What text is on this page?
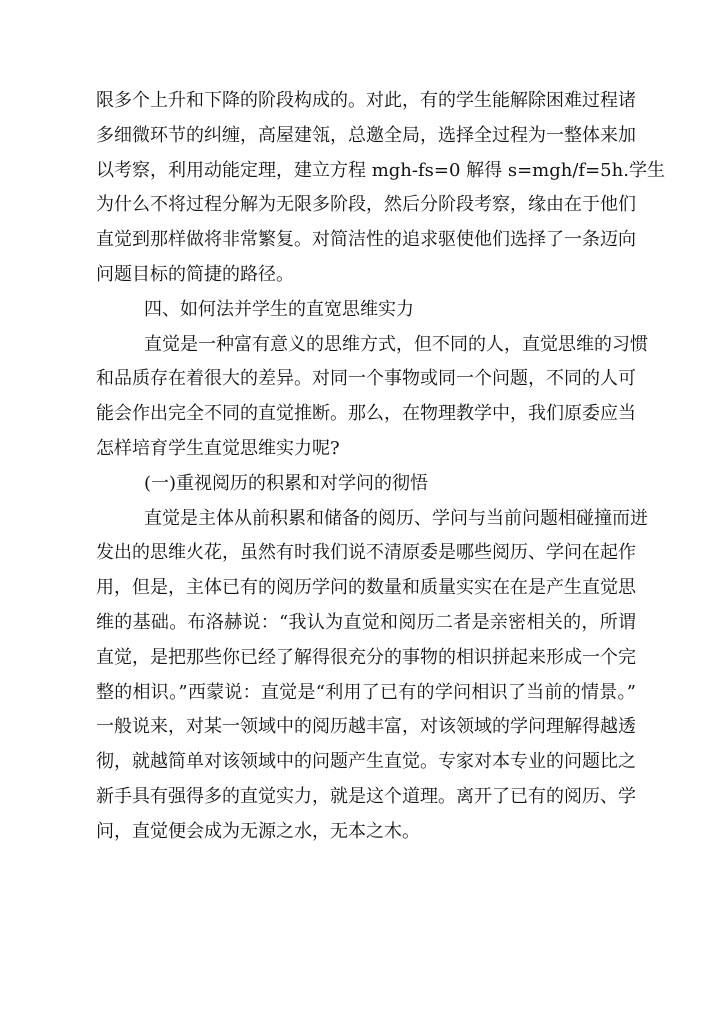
限多个上升和下降的阶段构成的。对此，有的学生能解除困难过程诸
多细微环节的纠缠，高屋建瓴，总邀全局，选择全过程为一整体来加
以考察，利用动能定理，建立方程 mgh-fs=0 解得 s=mgh/f=5h.学生
为什么不将过程分解为无限多阶段，然后分阶段考察，缘由在于他们
直觉到那样做将非常繁复。对简洁性的追求驱使他们选择了一条迈向
问题目标的简捷的路径。
四、如何法并学生的直宽思维实力
直觉是一种富有意义的思维方式，但不同的人，直觉思维的习惯
和品质存在着很大的差异。对同一个事物或同一个问题，不同的人可
能会作出完全不同的直觉推断。那么，在物理教学中，我们原委应当
怎样培育学生直觉思维实力呢?
(一)重视阅历的积累和对学问的彻悟
直觉是主体从前积累和储备的阅历、学问与当前问题相碰撞而迸
发出的思维火花，虽然有时我们说不清原委是哪些阅历、学问在起作
用，但是，主体已有的阅历学问的数量和质量实实在在是产生直觉思
维的基础。布洛赫说：“我认为直觉和阅历二者是亲密相关的，所谓
直觉，是把那些你已经了解得很充分的事物的相识拼起来形成一个完
整的相识。”西蒙说：直觉是“利用了已有的学问相识了当前的情景。”
一般说来，对某一领域中的阅历越丰富，对该领域的学问理解得越透
彻，就越简单对该领域中的问题产生直觉。专家对本专业的问题比之
新手具有强得多的直觉实力，就是这个道理。离开了已有的阅历、学
问，直觉便会成为无源之水，无本之木。
